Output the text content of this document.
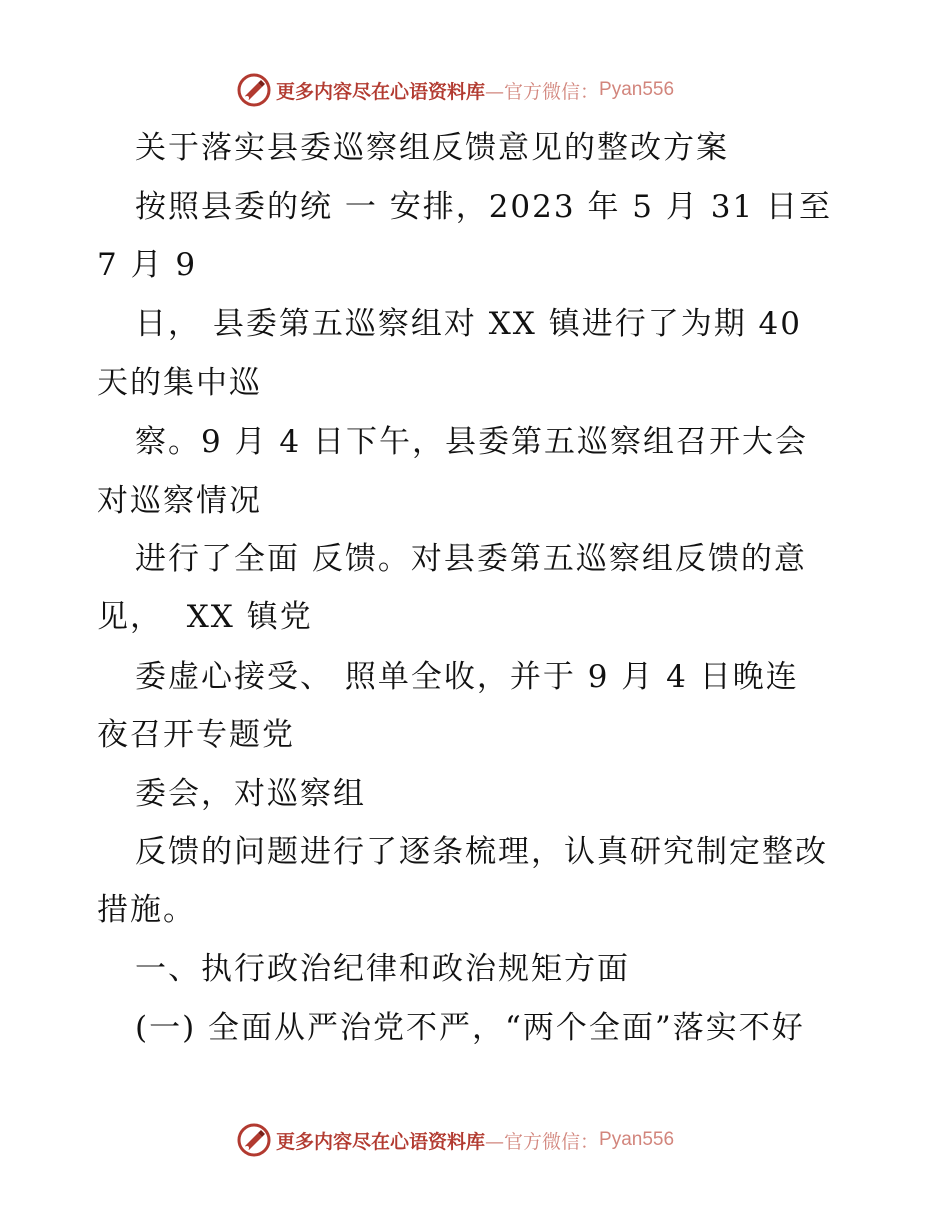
更多内容尽在心语资料库 —官方微信： Pyan556
关于落实县委巡察组反馈意见的整改方案
按照县委的统 一 安排，2023 年 5 月 31 日至
7 月 9
日， 县委第五巡察组对 XX 镇进行了为期 40
天的集中巡
察。9 月 4 日下午，县委第五巡察组召开大会
对巡察情况
进行了全面 反馈。对县委第五巡察组反馈的意
见，  XX 镇党
委虚心接受、 照单全收，并于 9 月 4 日晚连
夜召开专题党
委会，对巡察组
反馈的问题进行了逐条梳理，认真研究制定整改
措施。
一、执行政治纪律和政治规矩方面
(一) 全面从严治党不严，“两个全面”落实不好
更多内容尽在心语资料库 —官方微信： Pyan556
